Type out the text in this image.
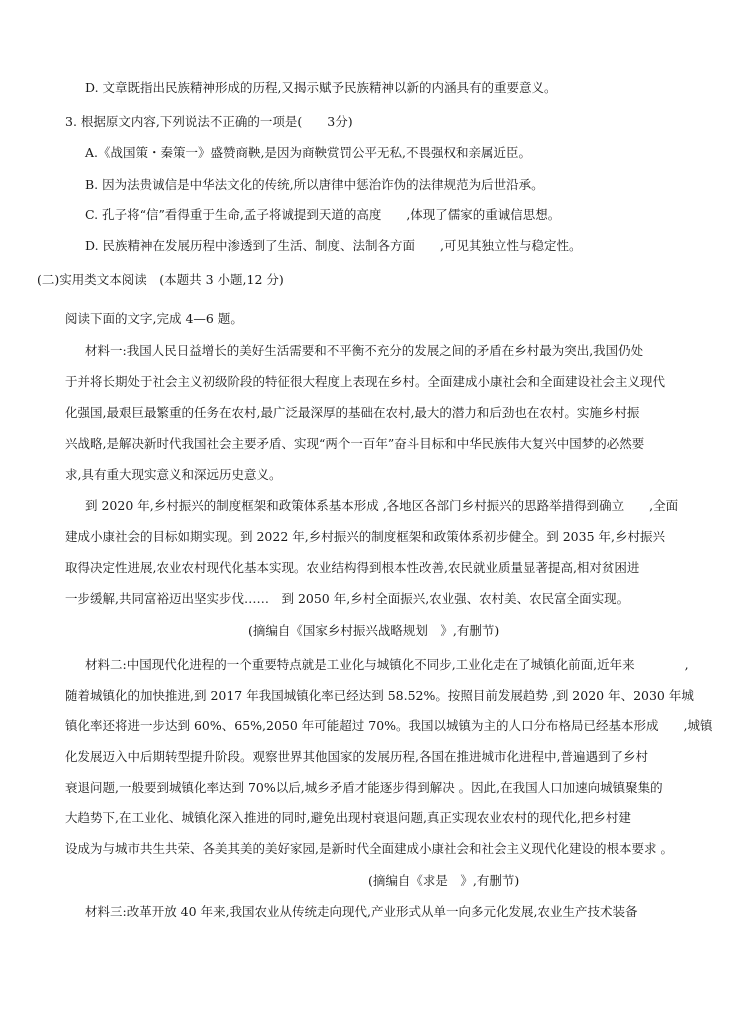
D. 文章既指出民族精神形成的历程,又揭示赋予民族精神以新的内涵具有的重要意义。
3. 根据原文内容,下列说法不正确的一项是(　　3分)
A.《战国策・秦策一》盛赞商鞅,是因为商鞅赏罚公平无私,不畏强权和亲属近臣。
B. 因为法贵诚信是中华法文化的传统,所以唐律中惩治诈伪的法律规范为后世沿承。
C. 孔子将“信”看得重于生命,孟子将诚提到天道的高度　　,体现了儒家的重诚信思想。
D. 民族精神在发展历程中渗透到了生活、制度、法制各方面　　,可见其独立性与稳定性。
(二)实用类文本阅读　(本题共 3 小题,12 分)
阅读下面的文字,完成 4—6 题。
材料一:我国人民日益增长的美好生活需要和不平衡不充分的发展之间的矛盾在乡村最为突出,我国仍处
于并将长期处于社会主义初级阶段的特征很大程度上表现在乡村。全面建成小康社会和全面建设社会主义现代
化强国,最艰巨最繁重的任务在农村,最广泛最深厚的基础在农村,最大的潜力和后劲也在农村。实施乡村振
兴战略,是解决新时代我国社会主要矛盾、实现“两个一百年”奋斗目标和中华民族伟大复兴中国梦的必然要
求,具有重大现实意义和深远历史意义。
到 2020 年,乡村振兴的制度框架和政策体系基本形成 ,各地区各部门乡村振兴的思路举措得到确立　　,全面
建成小康社会的目标如期实现。到 2022 年,乡村振兴的制度框架和政策体系初步健全。到 2035 年,乡村振兴
取得决定性进展,农业农村现代化基本实现。农业结构得到根本性改善,农民就业质量显著提高,相对贫困进
一步缓解,共同富裕迈出坚实步伐……　到 2050 年,乡村全面振兴,农业强、农村美、农民富全面实现。
(摘编自《国家乡村振兴战略规划　》,有删节)
材料二:中国现代化进程的一个重要特点就是工业化与城镇化不同步,工业化走在了城镇化前面,近年来　　　　,
随着城镇化的加快推进,到 2017 年我国城镇化率已经达到 58.52%。按照目前发展趋势 ,到 2020 年、2030 年城
镇化率还将进一步达到 60%、65%,2050 年可能超过 70%。我国以城镇为主的人口分布格局已经基本形成　　,城镇
化发展迈入中后期转型提升阶段。观察世界其他国家的发展历程,各国在推进城市化进程中,普遍遇到了乡村
衰退问题,一般要到城镇化率达到 70%以后,城乡矛盾才能逐步得到解决 。因此,在我国人口加速向城镇聚集的
大趋势下,在工业化、城镇化深入推进的同时,避免出现村衰退问题,真正实现农业农村的现代化,把乡村建
设成为与城市共生共荣、各美其美的美好家园,是新时代全面建成小康社会和社会主义现代化建设的根本要求 。
(摘编自《求是　》,有删节)
材料三:改革开放 40 年来,我国农业从传统走向现代,产业形式从单一向多元化发展,农业生产技术装备
